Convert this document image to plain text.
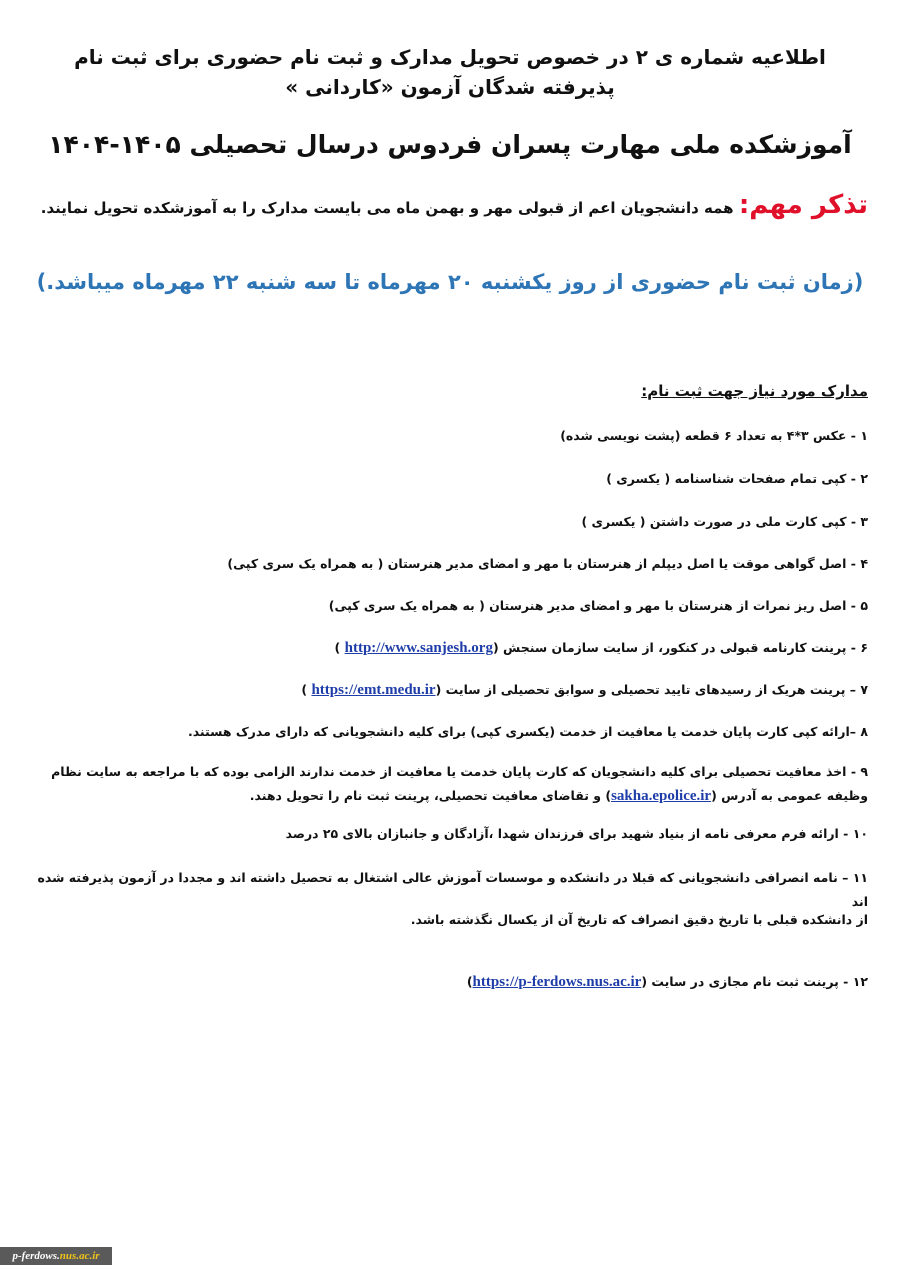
اطلاعیه شماره ی ۲ در خصوص تحویل مدارک و ثبت نام حضوری برای ثبت نام
پذیرفته شدگان آزمون «کاردانی »
آموزشکده ملی مهارت پسران فردوس درسال تحصیلی ۱۴۰۵-۱۴۰۴
تذکر مهم: همه دانشجویان اعم از قبولی مهر و بهمن ماه می بایست مدارک را به آموزشکده تحویل نمایند.
(زمان ثبت نام حضوری از روز یکشنبه ۲۰ مهرماه تا سه شنبه ۲۲ مهرماه میباشد.)
مدارک مورد نیاز جهت ثبت نام:
۱ - عکس ۳*۴ به تعداد ۶ قطعه (پشت نویسی شده)
۲ - کپی تمام صفحات شناسنامه ( یکسری )
۳ - کپی کارت ملی در صورت داشتن ( یکسری )
۴ - اصل گواهی موقت یا اصل دیپلم از هنرستان با مهر و امضای مدیر هنرستان ( به همراه یک سری کپی)
۵ - اصل ریز نمرات از هنرستان با مهر و امضای مدیر هنرستان ( به همراه یک سری کپی)
۶ - پرینت کارنامه قبولی در کنکور، از سایت سازمان سنجش (http://www.sanjesh.org )
۷ – پرینت هریک از رسیدهای تایید تحصیلی و سوابق تحصیلی از سایت (https://emt.medu.ir )
۸ –ارائه کپی کارت پایان خدمت یا معافیت از خدمت (یکسری کپی) برای کلیه دانشجویانی که دارای مدرک هستند.
۹ - اخذ معافیت تحصیلی برای کلیه دانشجویان که کارت پایان خدمت یا معافیت از خدمت ندارند الزامی بوده که با مراجعه به سایت نظام وظیفه عمومی به آدرس (sakha.epolice.ir) و تقاضای معافیت تحصیلی، پرینت ثبت نام را تحویل دهند.
۱۰ - ارائه فرم معرفی نامه از بنیاد شهید برای فرزندان شهدا ،آزادگان و جانبازان بالای ۲۵ درصد
۱۱ – نامه انصرافی دانشجویانی که قبلا در دانشکده و موسسات آموزش عالی اشتغال به تحصیل داشته اند و مجددا در آزمون پذیرفته شده اند
از دانشکده قبلی با تاریخ دقیق انصراف که تاریخ آن از یکسال نگذشته باشد.
۱۲ - پرینت ثبت نام مجازی در سایت (https://p-ferdows.nus.ac.ir)
p-ferdows.nus.ac.ir
